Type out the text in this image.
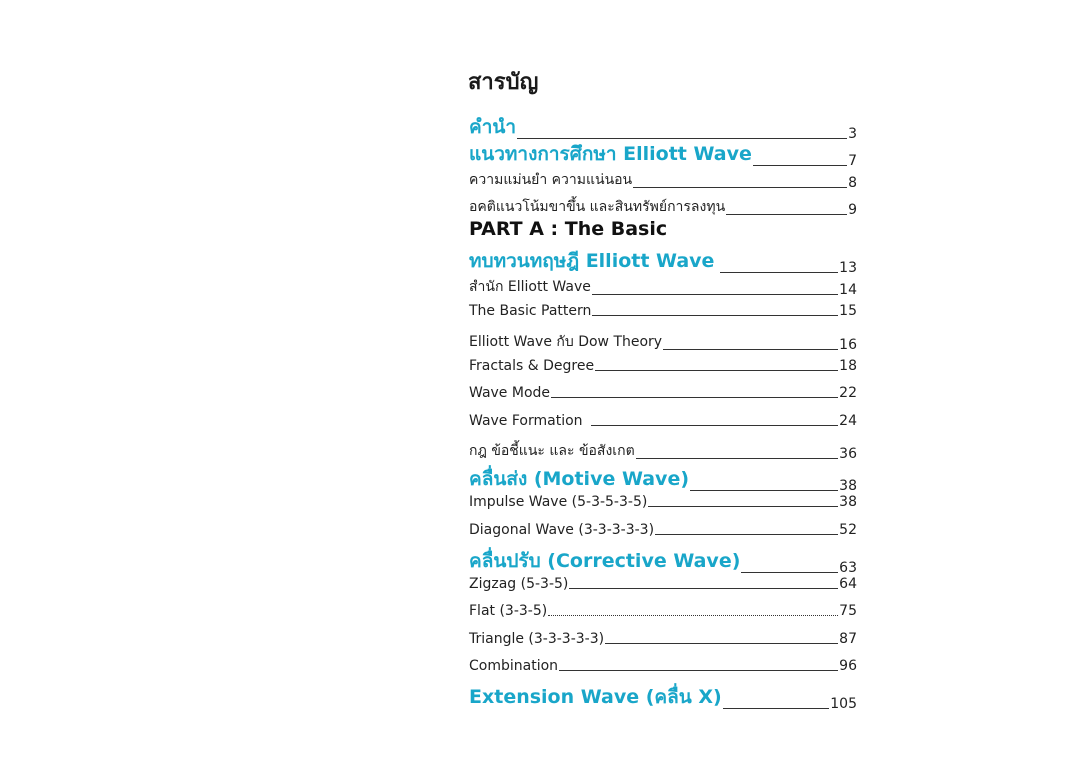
สารบัญ
คำนำ	3
แนวทางการศึกษา Elliott Wave	7
ความแม่นยำ ความแน่นอน	8
อคติแนวโน้มขาขึ้น และสินทรัพย์การลงทุน	9
PART A : The Basic
ทบทวนทฤษฎี Elliott Wave	13
สำนัก Elliott Wave	14
The Basic Pattern	15
Elliott Wave กับ Dow Theory	16
Fractals & Degree	18
Wave Mode	22
Wave Formation	24
กฎ ข้อชี้แนะ และ ข้อสังเกต	36
คลื่นส่ง (Motive Wave)	38
Impulse Wave (5-3-5-3-5)	38
Diagonal Wave (3-3-3-3-3)	52
คลื่นปรับ (Corrective Wave)	63
Zigzag (5-3-5)	64
Flat (3-3-5)	75
Triangle (3-3-3-3-3)	87
Combination	96
Extension Wave (คลื่น X)	105
